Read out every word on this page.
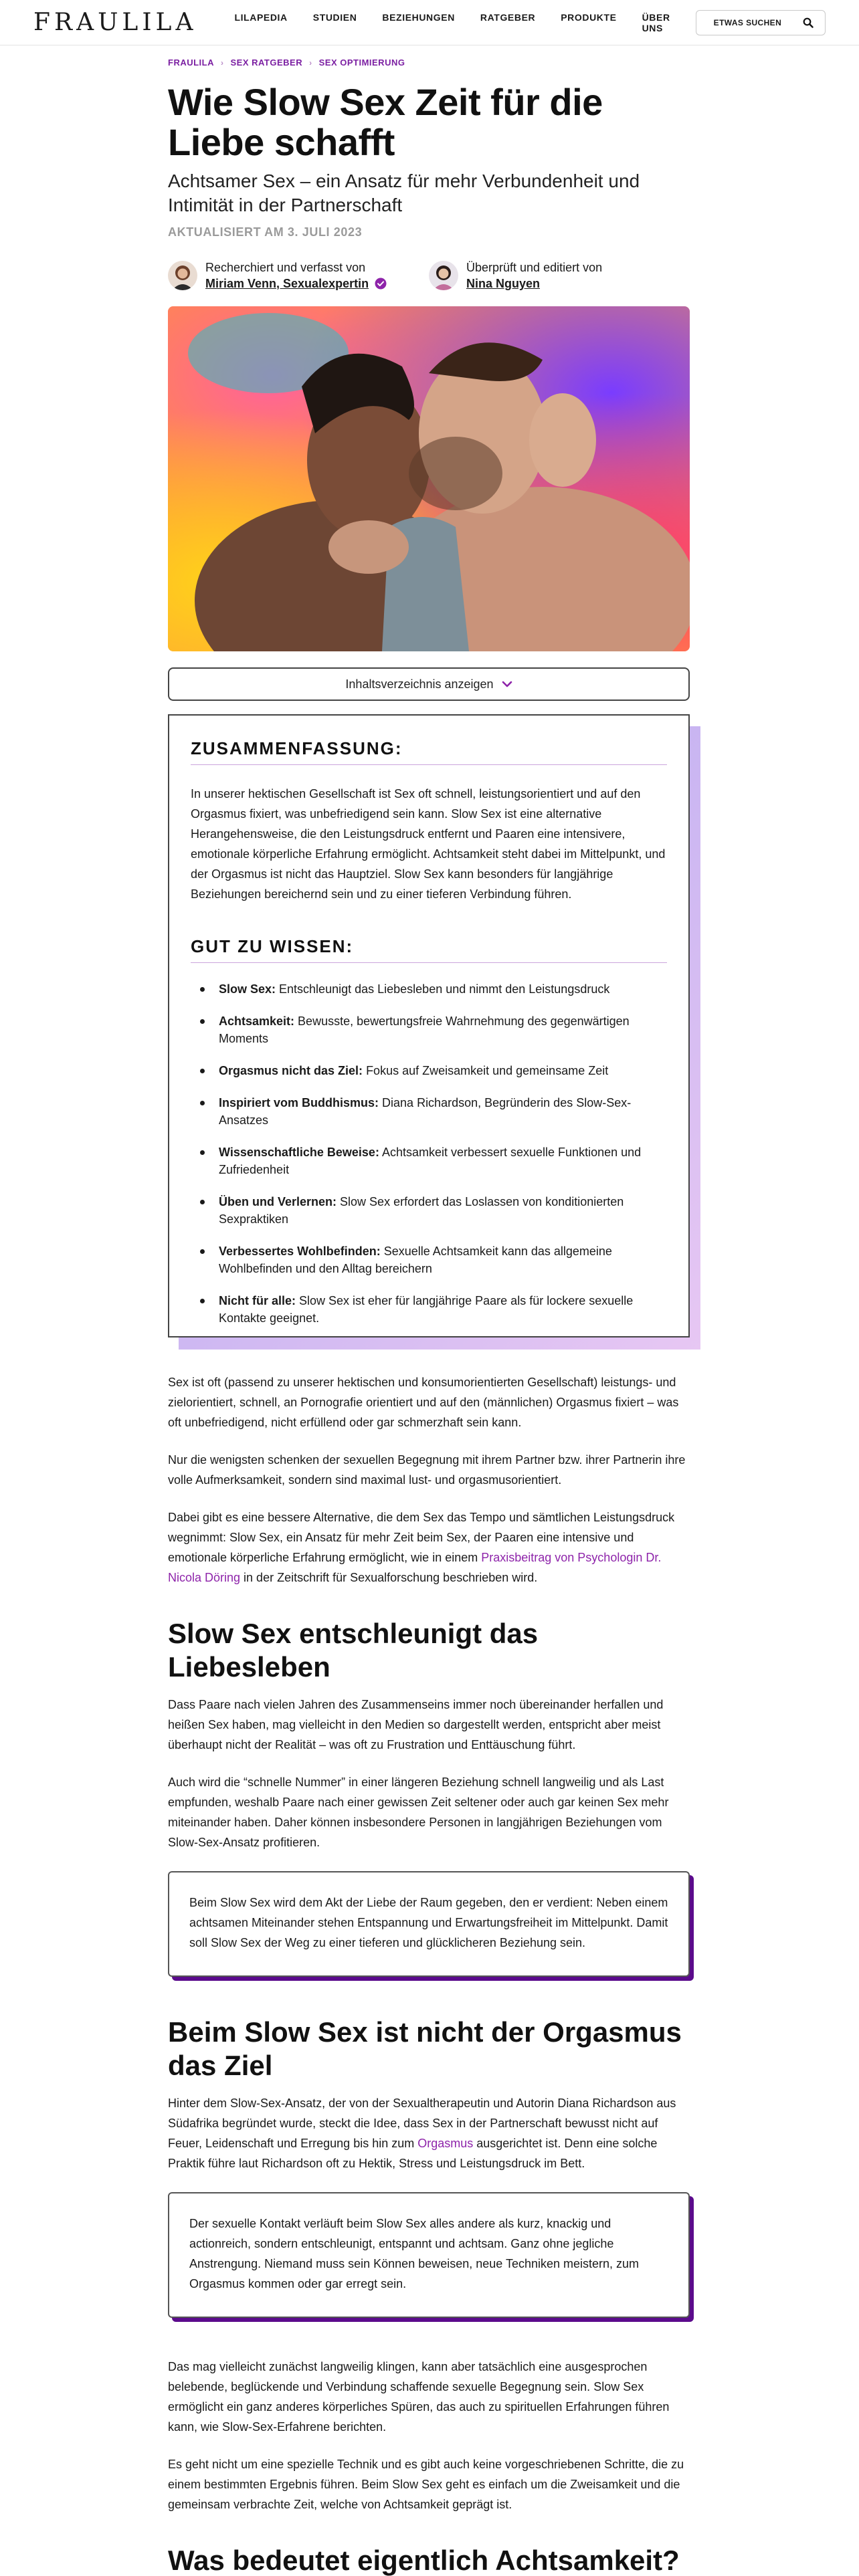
FRAULILA	LILAPEDIA	STUDIEN	BEZIEHUNGEN	RATGEBER	PRODUKTE	ÜBER UNS	ETWAS SUCHEN
FRAULILA › SEX RATGEBER › SEX OPTIMIERUNG
Wie Slow Sex Zeit für die Liebe schafft

Achtsamer Sex – ein Ansatz für mehr Verbundenheit und Intimität in der Partnerschaft

AKTUALISIERT AM 3. JULI 2023

Recherchiert und verfasst von
Miriam Venn, Sexualexpertin
Überprüft und editiert von
Nina Nguyen
Inhaltsverzeichnis anzeigen
ZUSAMMENFASSUNG:

In unserer hektischen Gesellschaft ist Sex oft schnell, leistungsorientiert und auf den Orgasmus fixiert, was unbefriedigend sein kann. Slow Sex ist eine alternative Herangehensweise, die den Leistungsdruck entfernt und Paaren eine intensivere, emotionale körperliche Erfahrung ermöglicht. Achtsamkeit steht dabei im Mittelpunkt, und der Orgasmus ist nicht das Hauptziel. Slow Sex kann besonders für langjährige Beziehungen bereichernd sein und zu einer tieferen Verbindung führen.

GUT ZU WISSEN:
Slow Sex: Entschleunigt das Liebesleben und nimmt den Leistungsdruck
Achtsamkeit: Bewusste, bewertungsfreie Wahrnehmung des gegenwärtigen Moments
Orgasmus nicht das Ziel: Fokus auf Zweisamkeit und gemeinsame Zeit
Inspiriert vom Buddhismus: Diana Richardson, Begründerin des Slow-Sex-Ansatzes
Wissenschaftliche Beweise: Achtsamkeit verbessert sexuelle Funktionen und Zufriedenheit
Üben und Verlernen: Slow Sex erfordert das Loslassen von konditionierten Sexpraktiken
Verbessertes Wohlbefinden: Sexuelle Achtsamkeit kann das allgemeine Wohlbefinden und den Alltag bereichern
Nicht für alle: Slow Sex ist eher für langjährige Paare als für lockere sexuelle Kontakte geeignet.

Sex ist oft (passend zu unserer hektischen und konsumorientierten Gesellschaft) leistungs- und zielorientiert, schnell, an Pornografie orientiert und auf den (männlichen) Orgasmus fixiert – was oft unbefriedigend, nicht erfüllend oder gar schmerzhaft sein kann.

Nur die wenigsten schenken der sexuellen Begegnung mit ihrem Partner bzw. ihrer Partnerin ihre volle Aufmerksamkeit, sondern sind maximal lust- und orgasmusorientiert.

Dabei gibt es eine bessere Alternative, die dem Sex das Tempo und sämtlichen Leistungsdruck wegnimmt: Slow Sex, ein Ansatz für mehr Zeit beim Sex, der Paaren eine intensive und emotionale körperliche Erfahrung ermöglicht, wie in einem Praxisbeitrag von Psychologin Dr. Nicola Döring in der Zeitschrift für Sexualforschung beschrieben wird.

Slow Sex entschleunigt das Liebesleben

Dass Paare nach vielen Jahren des Zusammenseins immer noch übereinander herfallen und heißen Sex haben, mag vielleicht in den Medien so dargestellt werden, entspricht aber meist überhaupt nicht der Realität – was oft zu Frustration und Enttäuschung führt.

Auch wird die “schnelle Nummer” in einer längeren Beziehung schnell langweilig und als Last empfunden, weshalb Paare nach einer gewissen Zeit seltener oder auch gar keinen Sex mehr miteinander haben. Daher können insbesondere Personen in langjährigen Beziehungen vom Slow-Sex-Ansatz profitieren.

Beim Slow Sex wird dem Akt der Liebe der Raum gegeben, den er verdient: Neben einem achtsamen Miteinander stehen Entspannung und Erwartungsfreiheit im Mittelpunkt. Damit soll Slow Sex der Weg zu einer tieferen und glücklicheren Beziehung sein.
Beim Slow Sex ist nicht der Orgasmus das Ziel

Hinter dem Slow-Sex-Ansatz, der von der Sexualtherapeutin und Autorin Diana Richardson aus Südafrika begründet wurde, steckt die Idee, dass Sex in der Partnerschaft bewusst nicht auf Feuer, Leidenschaft und Erregung bis hin zum Orgasmus ausgerichtet ist. Denn eine solche Praktik führe laut Richardson oft zu Hektik, Stress und Leistungsdruck im Bett.

Der sexuelle Kontakt verläuft beim Slow Sex alles andere als kurz, knackig und actionreich, sondern entschleunigt, entspannt und achtsam. Ganz ohne jegliche Anstrengung. Niemand muss sein Können beweisen, neue Techniken meistern, zum Orgasmus kommen oder gar erregt sein.

Das mag vielleicht zunächst langweilig klingen, kann aber tatsächlich eine ausgesprochen belebende, beglückende und Verbindung schaffende sexuelle Begegnung sein. Slow Sex ermöglicht ein ganz anderes körperliches Spüren, das auch zu spirituellen Erfahrungen führen kann, wie Slow-Sex-Erfahrene berichten.

Es geht nicht um eine spezielle Technik und es gibt auch keine vorgeschriebenen Schritte, die zu einem bestimmten Ergebnis führen. Beim Slow Sex geht es einfach um die Zweisamkeit und die gemeinsam verbrachte Zeit, welche von Achtsamkeit geprägt ist.

Was bedeutet eigentlich Achtsamkeit?
